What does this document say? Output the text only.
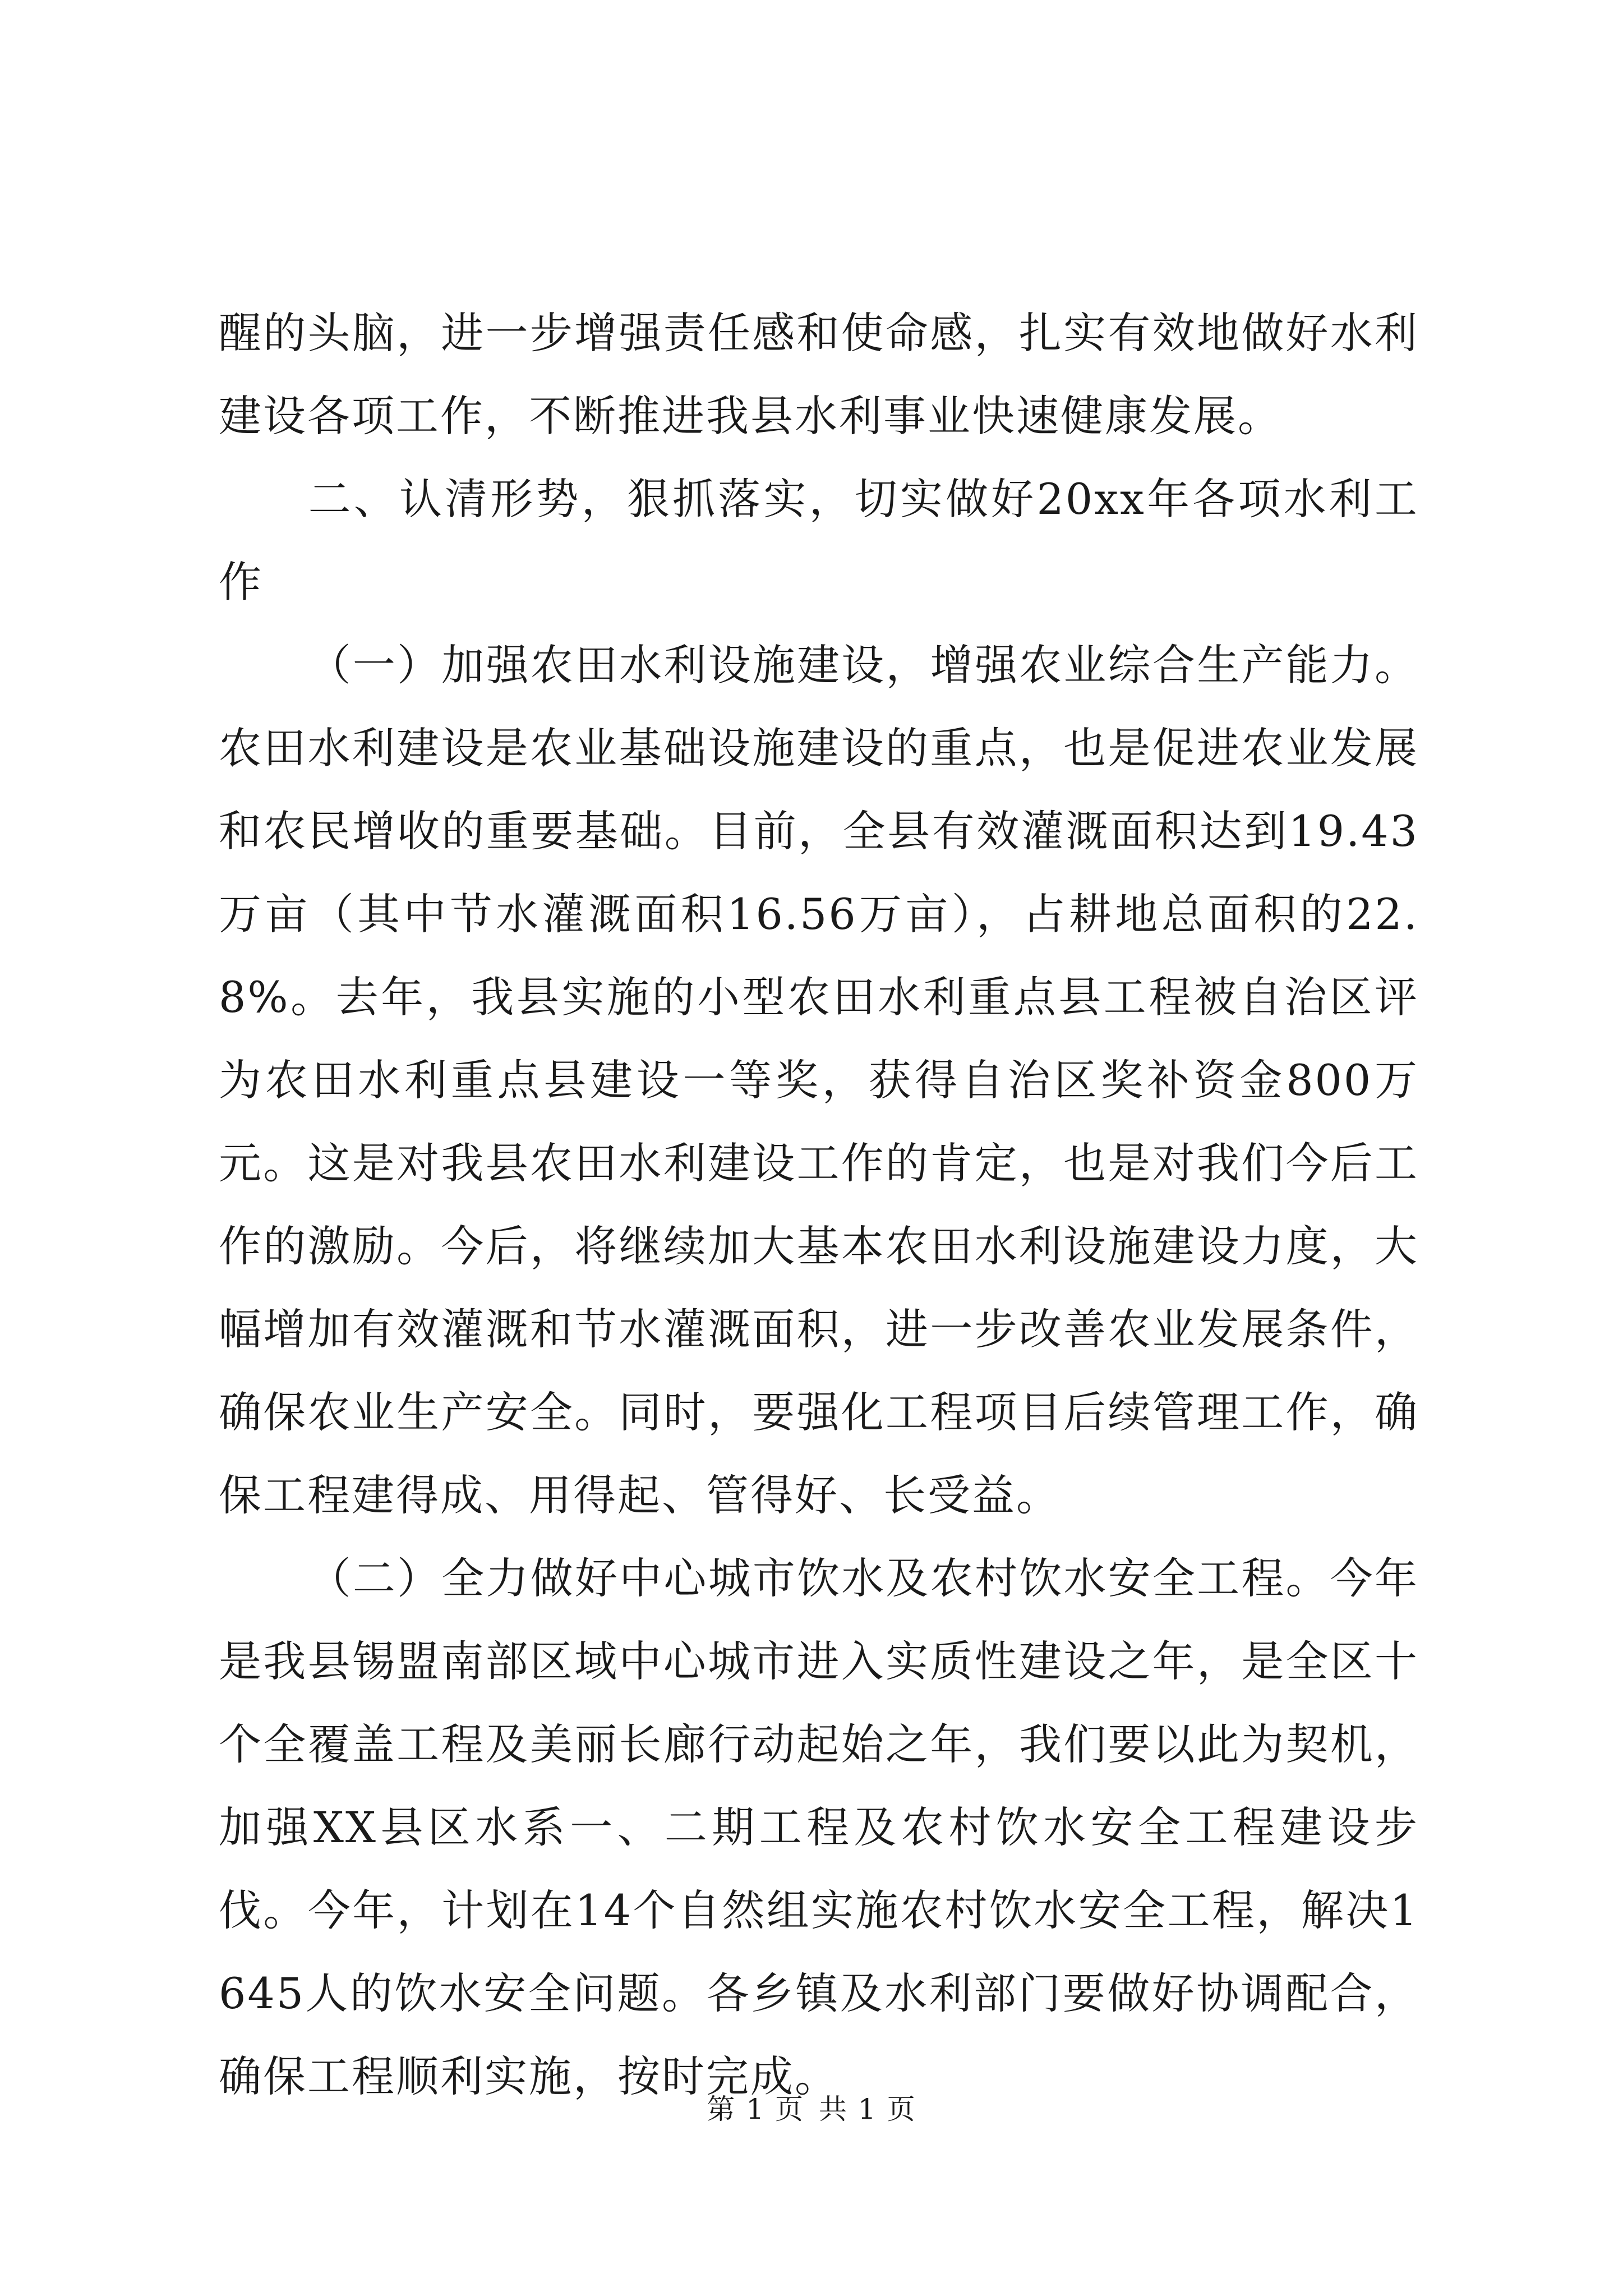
醒的头脑，进一步增强责任感和使命感，扎实有效地做好水利建设各项工作，不断推进我县水利事业快速健康发展。

二、认清形势，狠抓落实，切实做好20xx年各项水利工作

（一）加强农田水利设施建设，增强农业综合生产能力。农田水利建设是农业基础设施建设的重点，也是促进农业发展和农民增收的重要基础。目前，全县有效灌溉面积达到19.43万亩（其中节水灌溉面积16.56万亩），占耕地总面积的22.8%。去年，我县实施的小型农田水利重点县工程被自治区评为农田水利重点县建设一等奖，获得自治区奖补资金800万元。这是对我县农田水利建设工作的肯定，也是对我们今后工作的激励。今后，将继续加大基本农田水利设施建设力度，大幅增加有效灌溉和节水灌溉面积，进一步改善农业发展条件，确保农业生产安全。同时，要强化工程项目后续管理工作，确保工程建得成、用得起、管得好、长受益。

（二）全力做好中心城市饮水及农村饮水安全工程。今年是我县锡盟南部区域中心城市进入实质性建设之年，是全区十个全覆盖工程及美丽长廊行动起始之年，我们要以此为契机，加强XX县区水系一、二期工程及农村饮水安全工程建设步伐。今年，计划在14个自然组实施农村饮水安全工程，解决1645人的饮水安全问题。各乡镇及水利部门要做好协调配合，确保工程顺利实施，按时完成。

第 1 页 共 1 页
